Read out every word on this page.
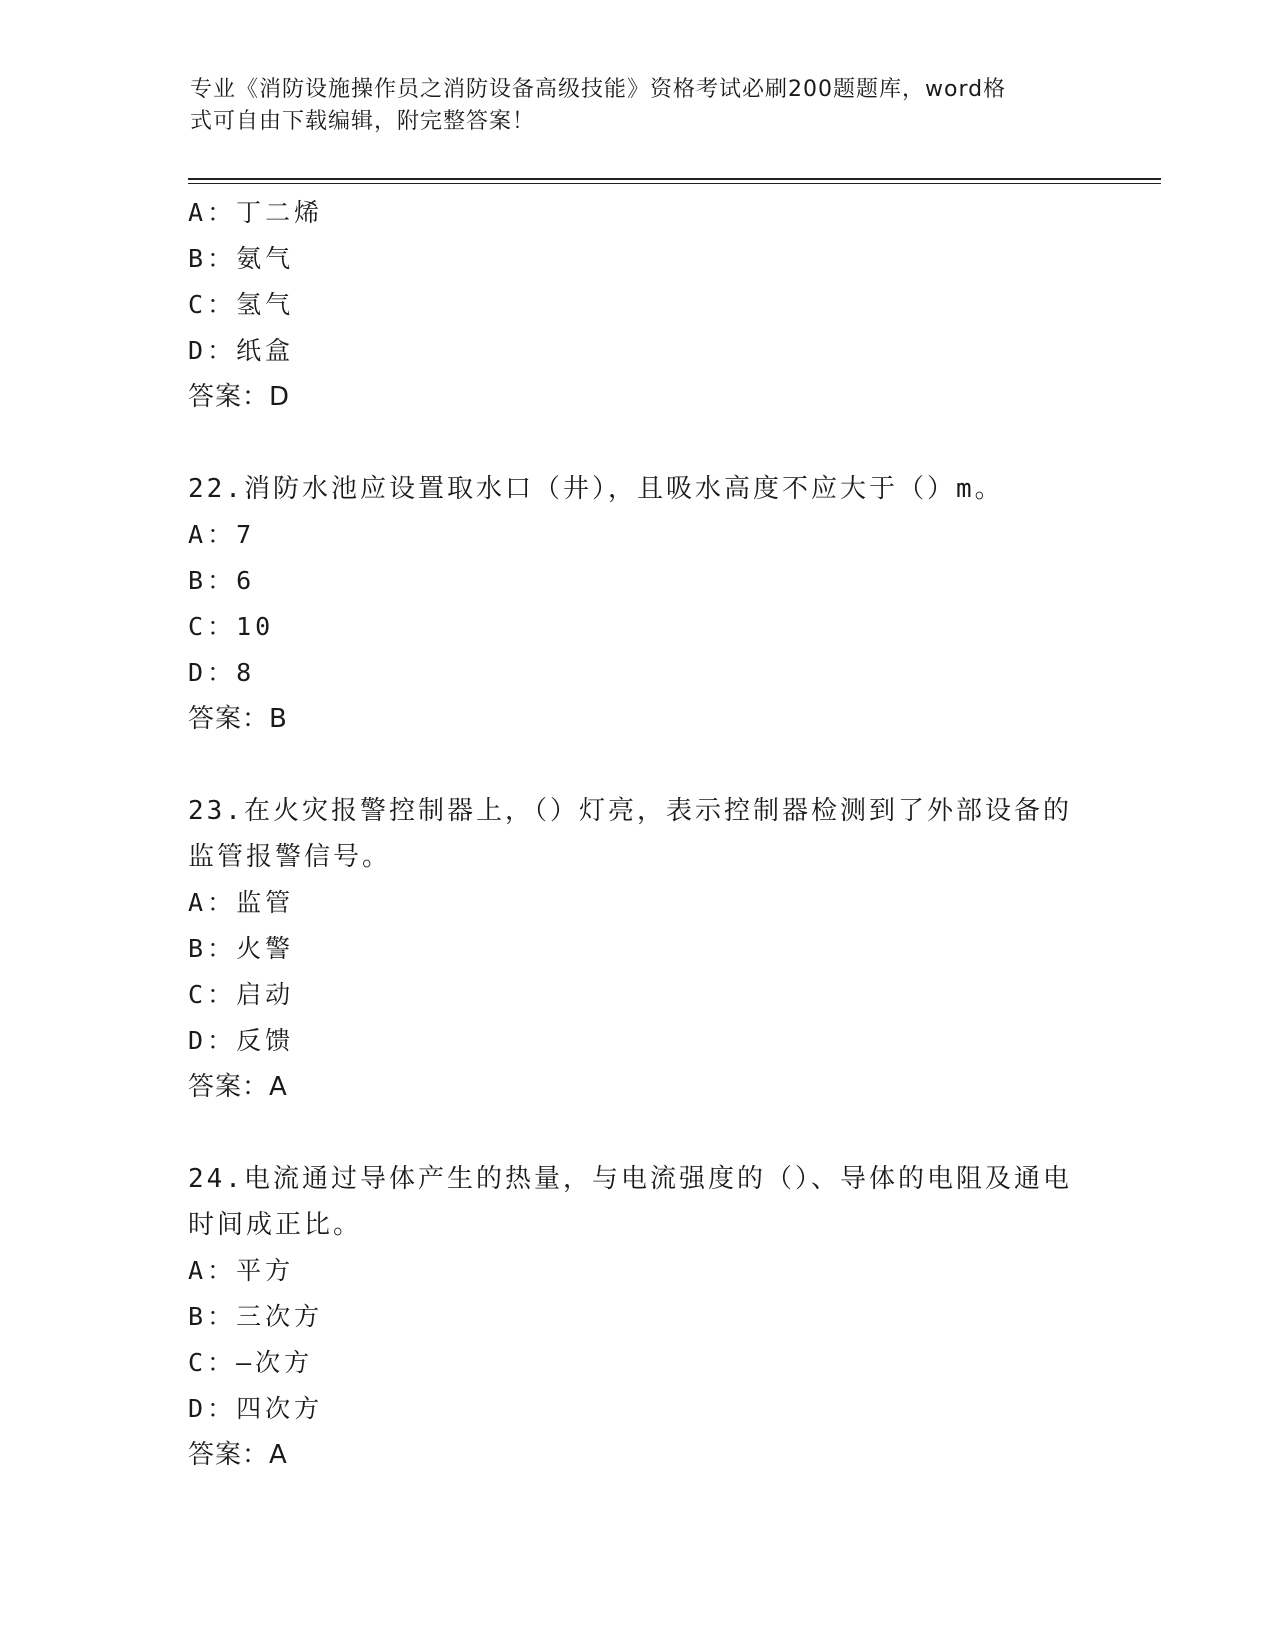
专业《消防设施操作员之消防设备高级技能》资格考试必刷200题题库，word格
式可自由下载编辑，附完整答案！
A：丁二烯
B：氨气
C：氢气
D：纸盒
答案：D
22.消防水池应设置取水口（井），且吸水高度不应大于（）m。
A：7
B：6
C：10
D：8
答案：B
23.在火灾报警控制器上，（）灯亮，表示控制器检测到了外部设备的
监管报警信号。
A：监管
B：火警
C：启动
D：反馈
答案：A
24.电流通过导体产生的热量，与电流强度的（）、导体的电阻及通电
时间成正比。
A：平方
B：三次方
C：—次方
D：四次方
答案：A
